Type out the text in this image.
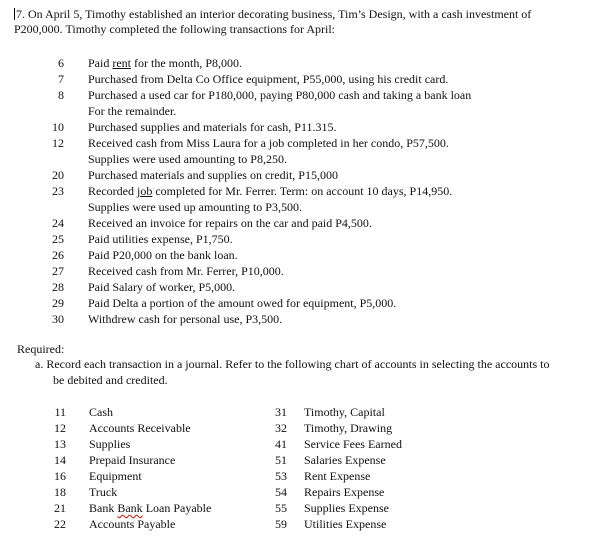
7. On April 5, Timothy established an interior decorating business, Tim’s Design, with a cash investment of
P200,000. Timothy completed the following transactions for April:
6 Paid rent for the month, P8,000.
7 Purchased from Delta Co Office equipment, P55,000, using his credit card.
8 Purchased a used car for P180,000, paying P80,000 cash and taking a bank loan
For the remainder.
10 Purchased supplies and materials for cash, P11.315.
12 Received cash from Miss Laura for a job completed in her condo, P57,500.
Supplies were used amounting to P8,250.
20 Purchased materials and supplies on credit, P15,000
23 Recorded job completed for Mr. Ferrer. Term: on account 10 days, P14,950.
Supplies were used up amounting to P3,500.
24 Received an invoice for repairs on the car and paid P4,500.
25 Paid utilities expense, P1,750.
26 Paid P20,000 on the bank loan.
27 Received cash from Mr. Ferrer, P10,000.
28 Paid Salary of worker, P5,000.
29 Paid Delta a portion of the amount owed for equipment, P5,000.
30 Withdrew cash for personal use, P3,500.
Required:
a. Record each transaction in a journal. Refer to the following chart of accounts in selecting the accounts to
be debited and credited.
11 Cash
12 Accounts Receivable
13 Supplies
14 Prepaid Insurance
16 Equipment
18 Truck
21 Bank Bank Loan Payable
22 Accounts Payable
31 Timothy, Capital
32 Timothy, Drawing
41 Service Fees Earned
51 Salaries Expense
53 Rent Expense
54 Repairs Expense
55 Supplies Expense
59 Utilities Expense
